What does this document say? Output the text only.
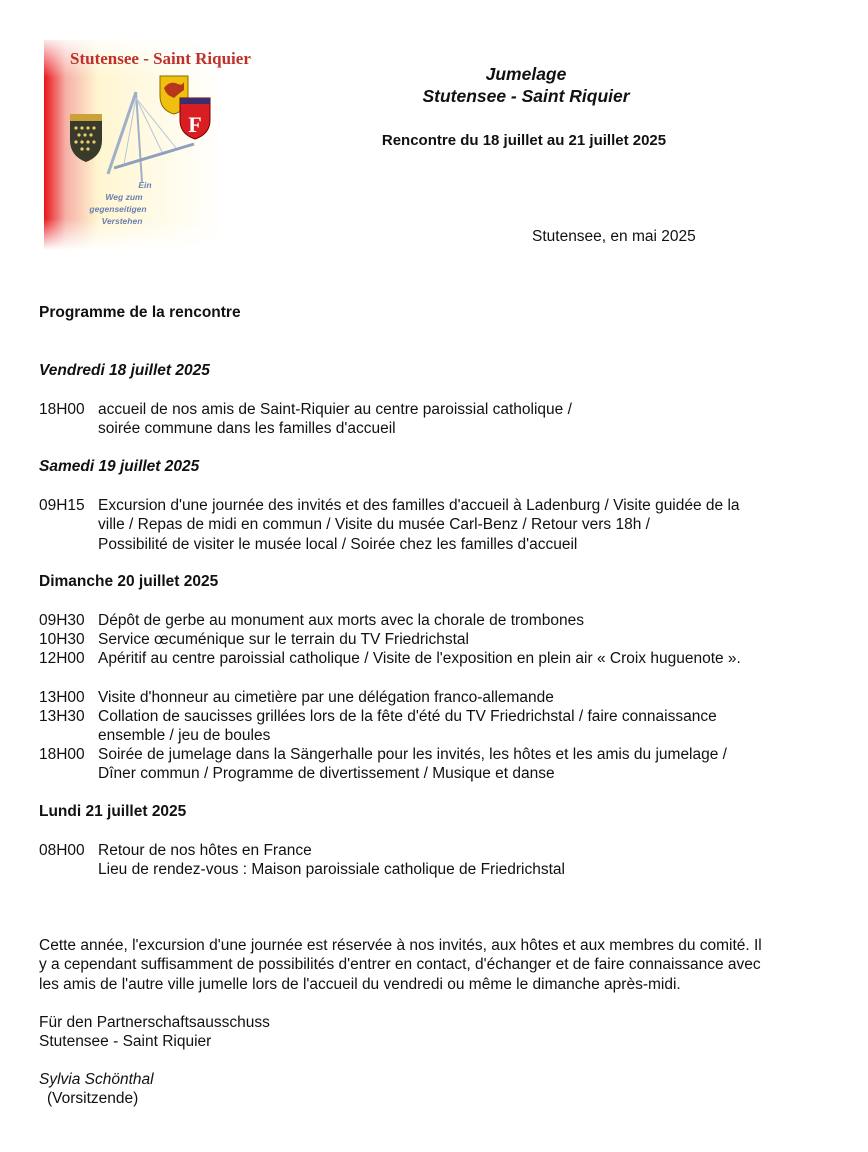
F
Stutensee - Saint Riquier
Ein
Weg zum
gegenseitigen
Verstehen
Jumelage
Stutensee - Saint Riquier
Rencontre du 18 juillet au 21 juillet 2025
Stutensee, en mai 2025
Programme de la rencontre
Vendredi 18 juillet 2025
18H00 accueil de nos amis de Saint-Riquier au centre paroissial catholique /
soirée commune dans les familles d'accueil
Samedi 19 juillet 2025
09H15 Excursion d'une journée des invités et des familles d'accueil à Ladenburg / Visite guidée de la
ville / Repas de midi en commun / Visite du musée Carl-Benz / Retour vers 18h /
Possibilité de visiter le musée local / Soirée chez les familles d'accueil
Dimanche 20 juillet 2025
09H30 Dépôt de gerbe au monument aux morts avec la chorale de trombones
10H30 Service œcuménique sur le terrain du TV Friedrichstal
12H00 Apéritif au centre paroissial catholique / Visite de l'exposition en plein air « Croix huguenote ».
13H00 Visite d'honneur au cimetière par une délégation franco-allemande
13H30 Collation de saucisses grillées lors de la fête d'été du TV Friedrichstal / faire connaissance
ensemble / jeu de boules
18H00 Soirée de jumelage dans la Sängerhalle pour les invités, les hôtes et les amis du jumelage /
Dîner commun / Programme de divertissement / Musique et danse
Lundi 21 juillet 2025
08H00 Retour de nos hôtes en France
Lieu de rendez-vous : Maison paroissiale catholique de Friedrichstal
Cette année, l'excursion d'une journée est réservée à nos invités, aux hôtes et aux membres du comité. Il
y a cependant suffisamment de possibilités d'entrer en contact, d'échanger et de faire connaissance avec
les amis de l'autre ville jumelle lors de l'accueil du vendredi ou même le dimanche après-midi.
Für den Partnerschaftsausschuss
Stutensee - Saint Riquier
Sylvia Schönthal
(Vorsitzende)
